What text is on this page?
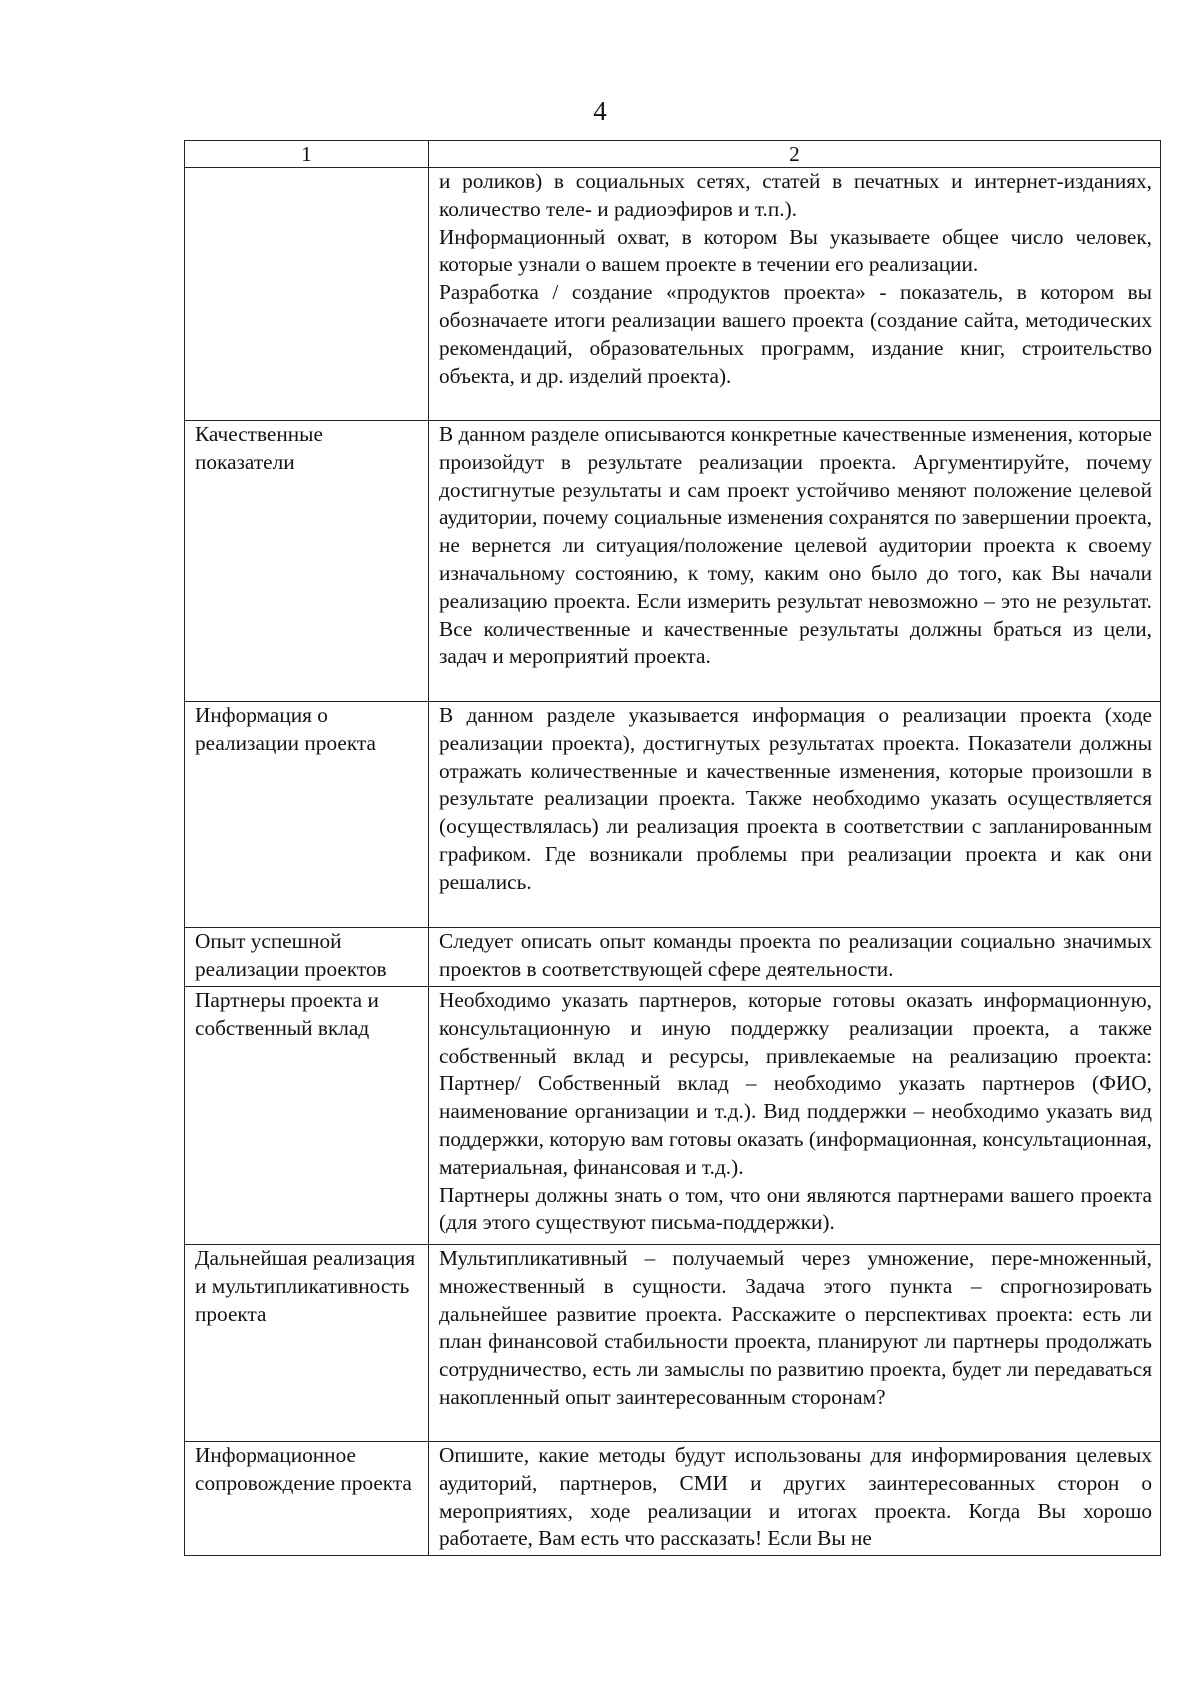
4
1	2

	и роликов) в социальных сетях, статей в печатных и интернет-изданиях, количество теле- и радиоэфиров и т.п.).

Информационный охват, в котором Вы указываете общее число человек, которые узнали о вашем проекте в течении его реализации.

Разработка / создание «продуктов проекта» - показатель, в котором вы обозначаете итоги реализации вашего проекта (создание сайта, методических рекомендаций, образовательных программ, издание книг, строительство объекта, и др. изделий проекта).

Качественные показатели	В данном разделе описываются конкретные качественные изменения, которые произойдут в результате реализации проекта. Аргументируйте, почему достигнутые результаты и сам проект устойчиво меняют положение целевой аудитории, почему социальные изменения сохранятся по завершении проекта, не вернется ли ситуация/положение целевой аудитории проекта к своему изначальному состоянию, к тому, каким оно было до того, как Вы начали реализацию проекта. Если измерить результат невозможно – это не результат. Все количественные и качественные результаты должны браться из цели, задач и мероприятий проекта.

Информация о реализации проекта	В данном разделе указывается информация о реализации проекта (ходе реализации проекта), достигнутых результатах проекта. Показатели должны отражать количественные и качественные изменения, которые произошли в результате реализации проекта. Также необходимо указать осуществляется (осуществлялась) ли реализация проекта в соответствии с запланированным графиком. Где возникали проблемы при реализации проекта и как они решались.

Опыт успешной реализации проектов	Следует описать опыт команды проекта по реализации социально значимых проектов в соответствующей сфере деятельности.

Партнеры проекта и собственный вклад	Необходимо указать партнеров, которые готовы оказать информационную, консультационную и иную поддержку реализации проекта, а также собственный вклад и ресурсы, привлекаемые на реализацию проекта: Партнер/ Собственный вклад – необходимо указать партнеров (ФИО, наименование организации и т.д.). Вид поддержки – необходимо указать вид поддержки, которую вам готовы оказать (информационная, консультационная, материальная, финансовая и т.д.).

Партнеры должны знать о том, что они являются партнерами вашего проекта (для этого существуют письма-поддержки).

Дальнейшая реализация и мультипликативность проекта	Мультипликативный – получаемый через умножение, пере-множенный, множественный в сущности. Задача этого пункта – спрогнозировать дальнейшее развитие проекта. Расскажите о перспективах проекта: есть ли план финансовой стабильности проекта, планируют ли партнеры продолжать сотрудничество, есть ли замыслы по развитию проекта, будет ли передаваться накопленный опыт заинтересованным сторонам?

Информационное сопровождение проекта	Опишите, какие методы будут использованы для информирования целевых аудиторий, партнеров, СМИ и других заинтересованных сторон о мероприятиях, ходе реализации и итогах проекта. Когда Вы хорошо работаете, Вам есть что рассказать! Если Вы не
